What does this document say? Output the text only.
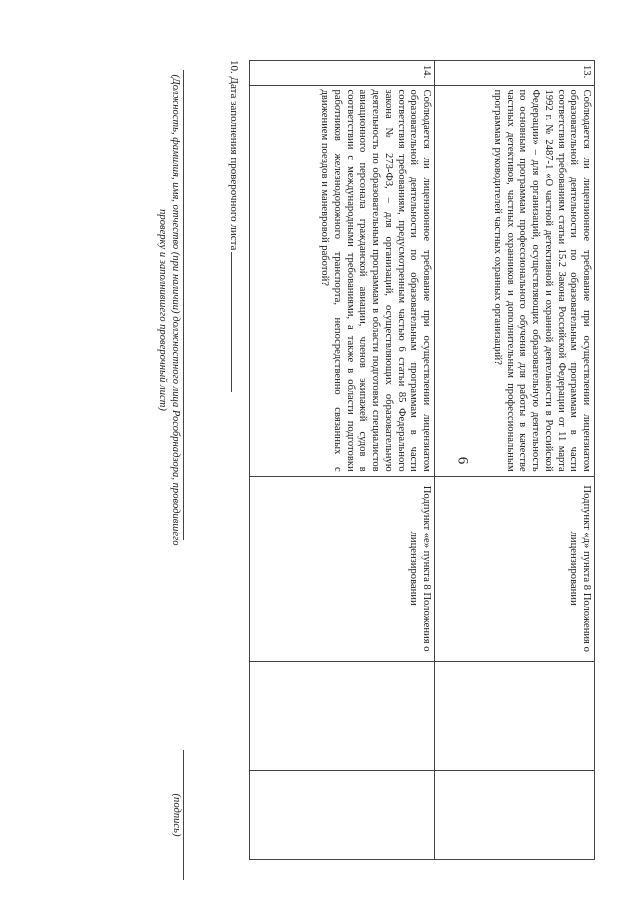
6
13.	Соблюдается ли лицензионное требование при осуществлении лицензиатом образовательной деятельности по образовательным программам в части соответствия требованиям статьи 15.2 Закона Российской Федерации от 11 марта 1992 г. № 2487-1 «О частной детективной и охранной деятельности в Российской Федерации» – для организаций, осуществляющих образовательную деятельность по основным программам профессионального обучения для работы в качестве частных детективов, частных охранников и дополнительным профессиональным программам руководителей частных охранных организаций?	Подпункт «д» пункта 8 Положения о лицензировании		
14.	Соблюдается ли лицензионное требование при осуществлении лицензиатом образовательной деятельности по образовательным программам в части соответствия требованиям, предусмотренным частью 6 статьи 85 Федерального закона № 273-ФЗ, – для организаций, осуществляющих образовательную деятельность по образовательным программам в области подготовки специалистов авиационного персонала гражданской авиации, членов экипажей судов в соответствии с международными требованиями, а также в области подготовки работников железнодорожного транспорта, непосредственно связанных с движением поездов и маневровой работой?	Подпункт «е» пункта 8 Положения о лицензировании		
10. Дата заполнения проверочного листа
(Должность, фамилия, имя, отчество (при наличии) должностного лица Рособрнадзора, проводившего проверку и заполнившего проверочный лист)
(подпись)
